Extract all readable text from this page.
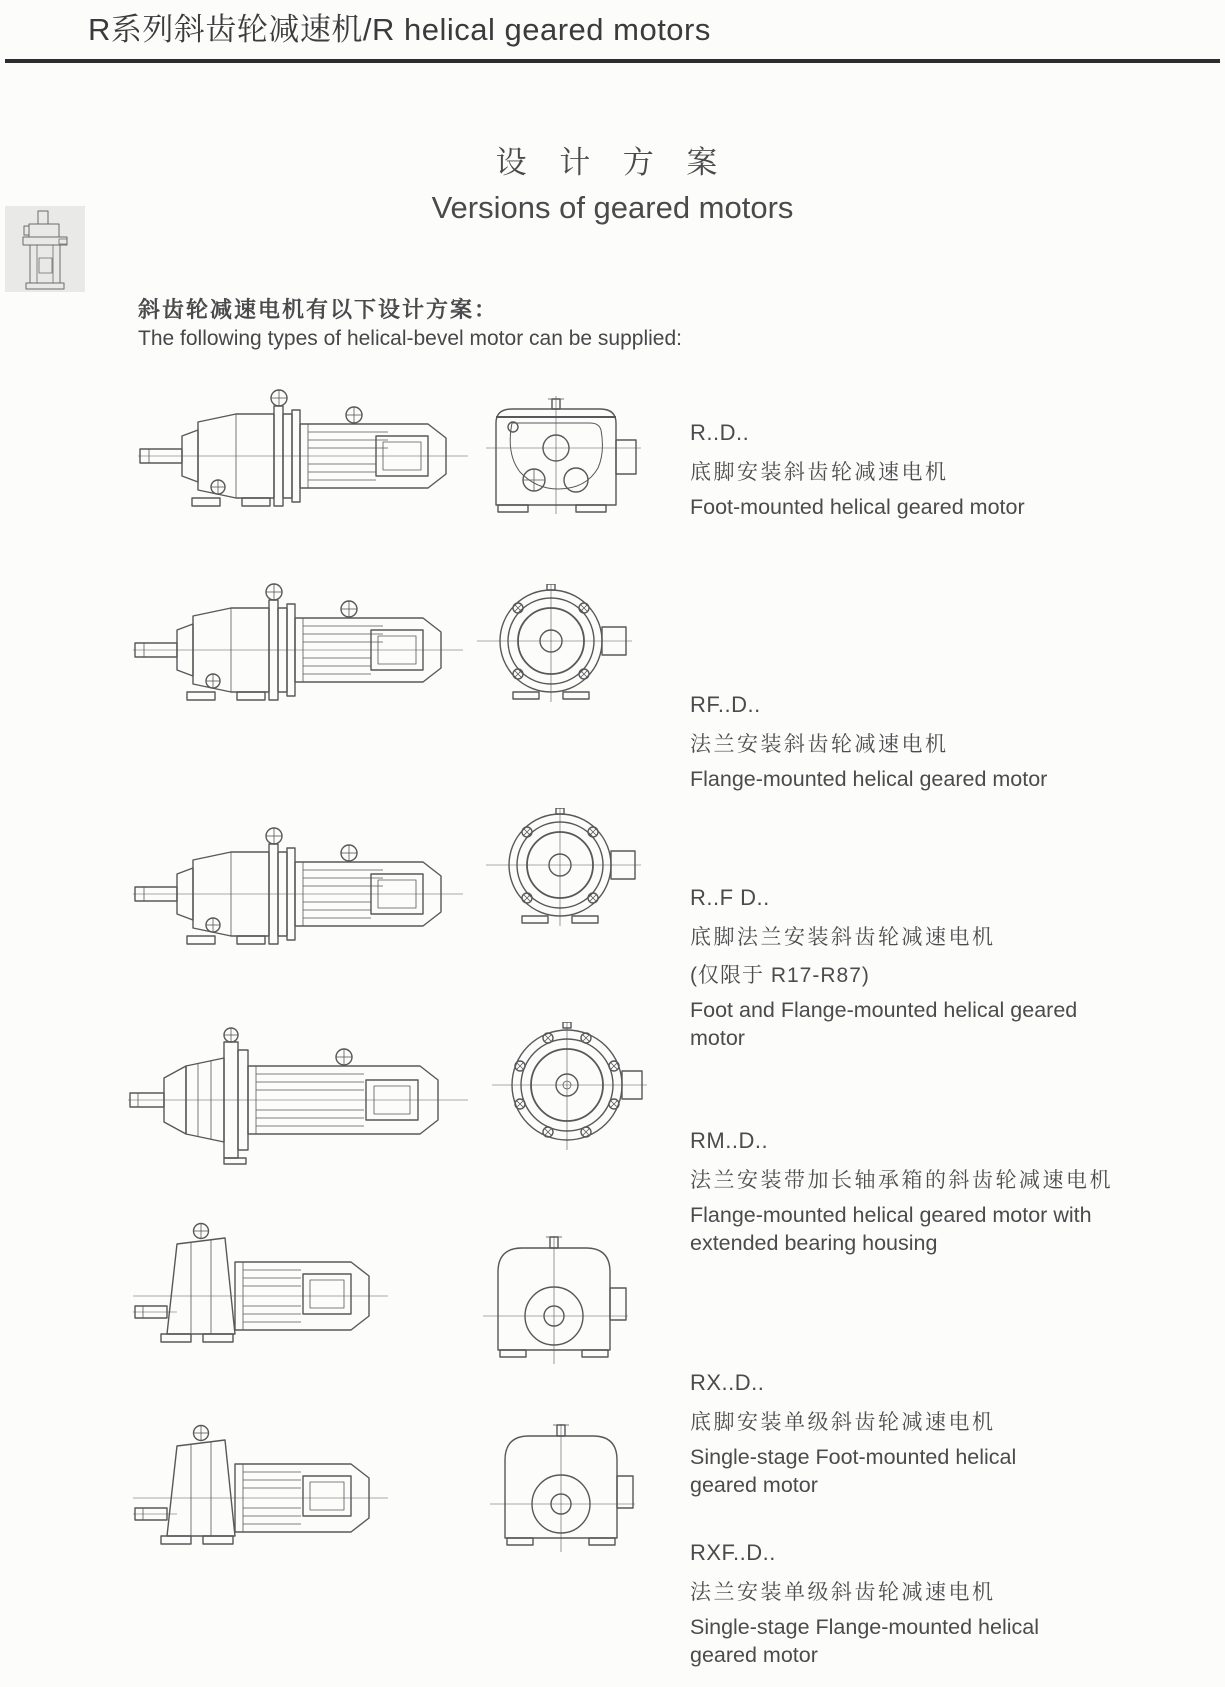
R系列斜齿轮减速机/R helical geared motors
设 计 方 案
Versions of geared motors
斜齿轮减速电机有以下设计方案：
The following types of helical-bevel motor can be supplied:
R..D..
底脚安装斜齿轮减速电机
Foot-mounted helical geared motor
RF..D..
法兰安装斜齿轮减速电机
Flange-mounted helical geared motor
R..F D..
底脚法兰安装斜齿轮减速电机
(仅限于 R17-R87)
Foot and Flange-mounted helical geared motor
RM..D..
法兰安装带加长轴承箱的斜齿轮减速电机
Flange-mounted helical geared motor with extended bearing housing
RX..D..
底脚安装单级斜齿轮减速电机
Single-stage Foot-mounted helical geared motor
RXF..D..
法兰安装单级斜齿轮减速电机
Single-stage Flange-mounted helical geared motor
